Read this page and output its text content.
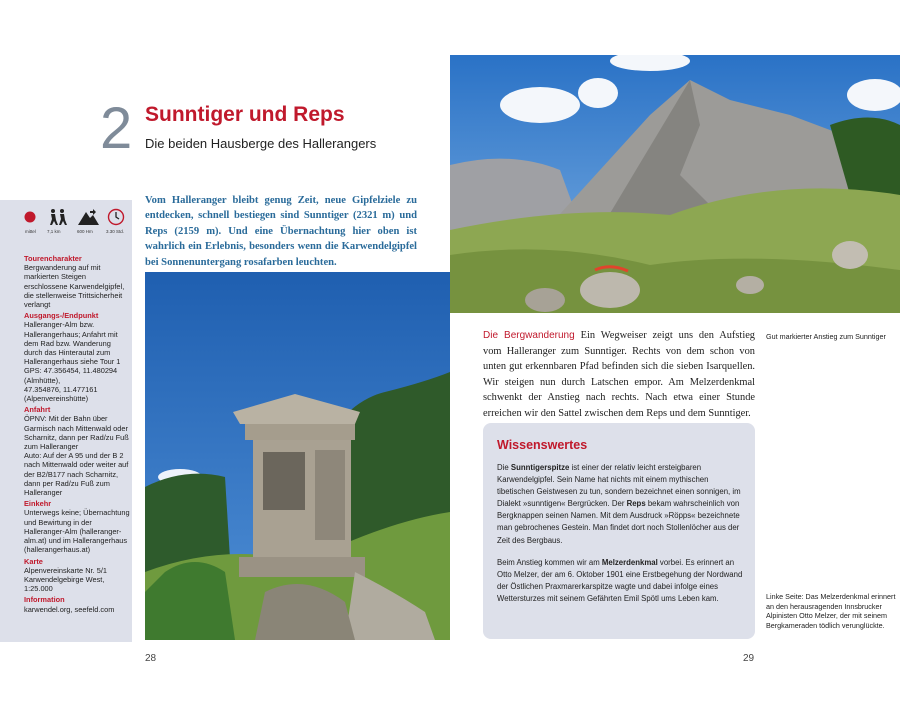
2 Sunntiger und Reps
Die beiden Hausberge des Hallerangers
mittel 7,1 km	600 Hm	3.30 Std.
Tourencharakter
Bergwanderung auf mit markierten Steigen erschlossene Karwendelgipfel, die stellenweise Trittsicherheit verlangt
Ausgangs-/Endpunkt
Halleranger-Alm bzw. Hallerangerhaus; Anfahrt mit dem Rad bzw. Wanderung durch das Hinterautal zum Hallerangerhaus siehe Tour 1
GPS: 47.356454, 11.480294 (Almhütte),
47.354876, 11.477161 (Alpenvereinshütte)
Anfahrt
ÖPNV: Mit der Bahn über Garmisch nach Mittenwald oder Scharnitz, dann per Rad/zu Fuß zum Halleranger
Auto: Auf der A 95 und der B 2 nach Mittenwald oder weiter auf der B2/B177 nach Scharnitz, dann per Rad/zu Fuß zum Halleranger
Einkehr
Unterwegs keine; Übernachtung und Bewirtung in der Halleranger-Alm (halleranger-alm.at) und im Hallerangerhaus (hallerangerhaus.at)
Karte
Alpenvereinskarte Nr. 5/1 Karwendelgebirge West, 1:25.000
Information
karwendel.org, seefeld.com
Vom Halleranger bleibt genug Zeit, neue Gipfelziele zu entdecken, schnell bestiegen sind Sunntiger (2321 m) und Reps (2159 m). Und eine Übernachtung hier oben ist wahrlich ein Erlebnis, besonders wenn die Karwendelgipfel bei Sonnenuntergang rosafarben leuchten.
Die Bergwanderung Ein Wegweiser zeigt uns den Aufstieg vom Halleranger zum Sunntiger. Rechts von dem schon von unten gut erkennbaren Pfad befinden sich die sieben Isarquellen. Wir steigen nun durch Latschen empor. Am Melzerdenkmal schwenkt der Anstieg nach rechts. Nach etwa einer Stunde erreichen wir den Sattel zwischen dem Reps und dem Sunntiger.
Gut markierter Anstieg zum Sunntiger
Wissenswertes

Die Sunntigerspitze ist einer der relativ leicht ersteigbaren Karwendelgipfel. Sein Name hat nichts mit einem mythischen tibetischen Geistwesen zu tun, sondern bezeichnet einen sonnigen, im Dialekt »sunntigen« Bergrücken. Der Reps bekam wahrscheinlich von Bergknappen seinen Namen. Mit dem Ausdruck »Röpps« bezeichnete man gebrochenes Gestein. Man findet dort noch Stollenlöcher aus der Zeit des Bergbaus.

Beim Anstieg kommen wir am Melzerdenkmal vorbei. Es erinnert an Otto Melzer, der am 6. Oktober 1901 eine Erstbegehung der Nordwand der Östlichen Praxmarerkarspitze wagte und dabei infolge eines Wettersturzes mit seinem Gefährten Emil Spötl ums Leben kam.	Linke Seite: Das Melzerdenkmal erinnert an den herausragenden Innsbrucker Alpinisten Otto Melzer, der mit seinem Bergkameraden tödlich verunglückte.
28	29
